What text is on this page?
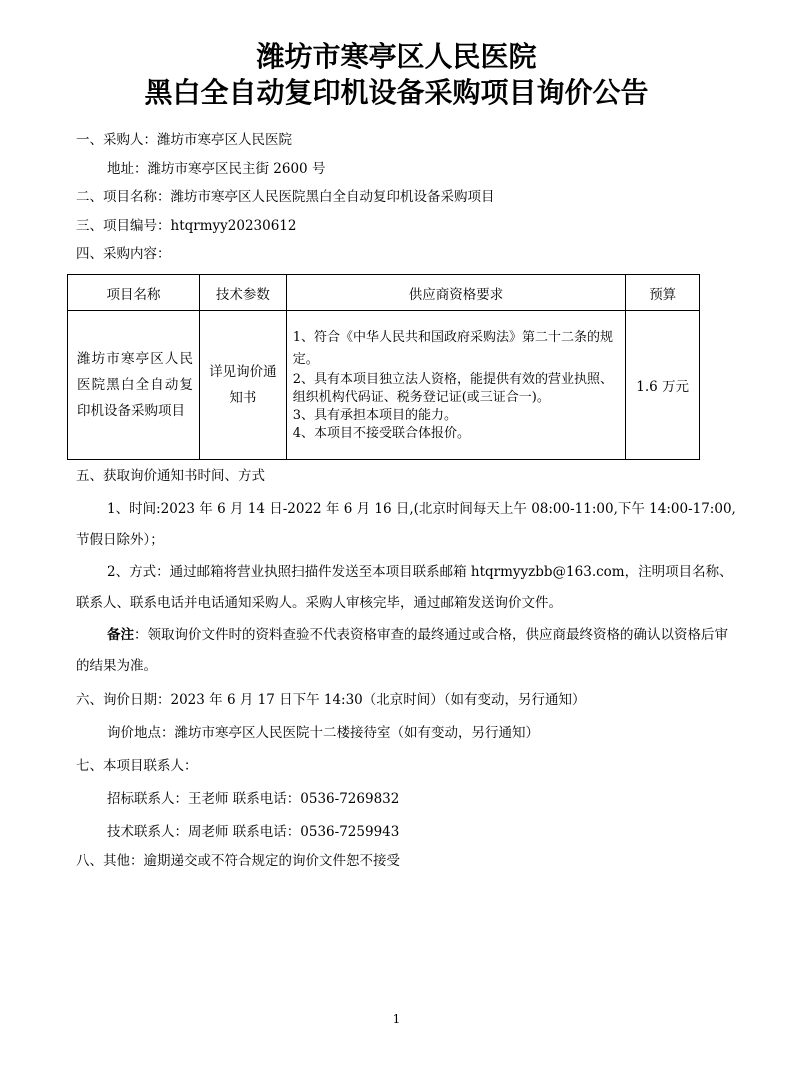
潍坊市寒亭区人民医院
黑白全自动复印机设备采购项目询价公告
一、采购人：潍坊市寒亭区人民医院
地址：潍坊市寒亭区民主街 2600 号
二、项目名称：潍坊市寒亭区人民医院黑白全自动复印机设备采购项目
三、项目编号：htqrmyy20230612
四、采购内容：
项目名称	技术参数	供应商资格要求	预算
潍坊市寒亭区人民医院黑白全自动复印机设备采购项目	详见询价通知书	1、符合《中华人民共和国政府采购法》第二十二条的规定。
2、具有本项目独立法人资格，能提供有效的营业执照、组织机构代码证、税务登记证(或三证合一)。
3、具有承担本项目的能力。
4、本项目不接受联合体报价。	1.6 万元
五、获取询价通知书时间、方式
1、时间:2023 年 6 月 14 日-2022 年 6 月 16 日,(北京时间每天上午 08:00-11:00,下午 14:00-17:00,节假日除外）；
2、方式：通过邮箱将营业执照扫描件发送至本项目联系邮箱 htqrmyyzbb@163.com，注明项目名称、联系人、联系电话并电话通知采购人。采购人审核完毕，通过邮箱发送询价文件。
备注：领取询价文件时的资料查验不代表资格审查的最终通过或合格，供应商最终资格的确认以资格后审的结果为准。
六、询价日期：2023 年 6 月 17 日下午 14:30（北京时间）（如有变动，另行通知）
询价地点：潍坊市寒亭区人民医院十二楼接待室（如有变动，另行通知）
七、本项目联系人：
招标联系人：王老师 联系电话：0536-7269832
技术联系人：周老师 联系电话：0536-7259943
八、其他：逾期递交或不符合规定的询价文件恕不接受
1
